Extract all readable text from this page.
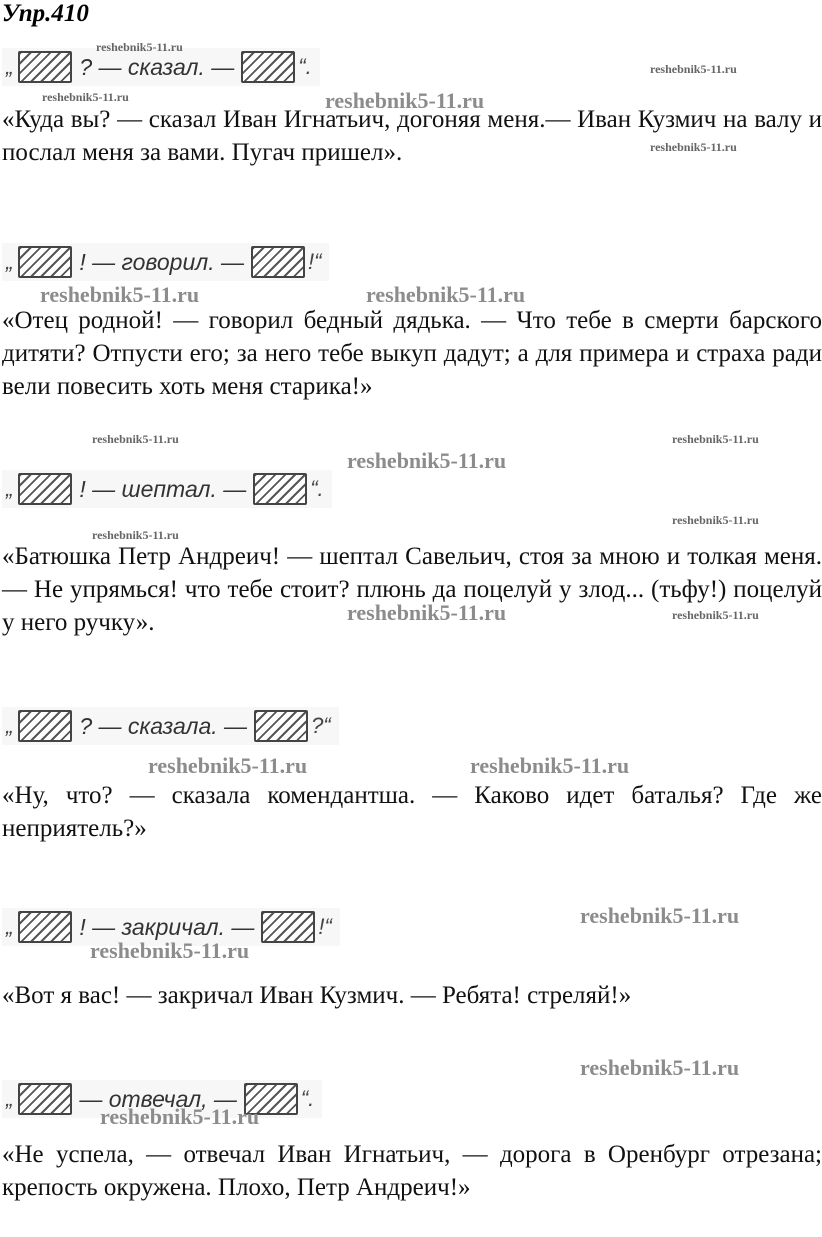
Упр.410
„	? — сказал. —	“.

«Куда вы? — сказал Иван Игнатьич, догоняя меня.— Иван Кузмич на валу и послал меня за вами. Пугач пришел».

„	! — говорил. —	!“

«Отец родной! — говорил бедный дядька. — Что тебе в смерти барского дитяти? Отпусти его; за него тебе выкуп дадут; а для примера и страха ради вели повесить хоть меня старика!»

„	! — шептал. —	“.

«Батюшка Петр Андреич! — шептал Савельич, стоя за мною и толкая меня. — Не упрямься! что тебе стоит? плюнь да поцелуй у злод... (тьфу!) поцелуй у него ручку».

„	? — сказала. —	?“

«Ну, что? — сказала комендантша. — Каково идет баталья? Где же неприятель?»

„	! — закричал. —	!“

«Вот я вас! — закричал Иван Кузмич. — Ребята! стреляй!»

„	— отвечал, —	“.

«Не успела, — отвечал Иван Игнатьич, — дорога в Оренбург отрезана; крепость окружена. Плохо, Петр Андреич!»

reshebnik5-11.ru
reshebnik5-11.ru
reshebnik5-11.ru	reshebnik5-11.ru
reshebnik5-11.ru
reshebnik5-11.ru	reshebnik5-11.ru
reshebnik5-11.ru	reshebnik5-11.ru
reshebnik5-11.ru
reshebnik5-11.ru
reshebnik5-11.ru
reshebnik5-11.ru	reshebnik5-11.ru
reshebnik5-11.ru	reshebnik5-11.ru
reshebnik5-11.ru
reshebnik5-11.ru
reshebnik5-11.ru
reshebnik5-11.ru
